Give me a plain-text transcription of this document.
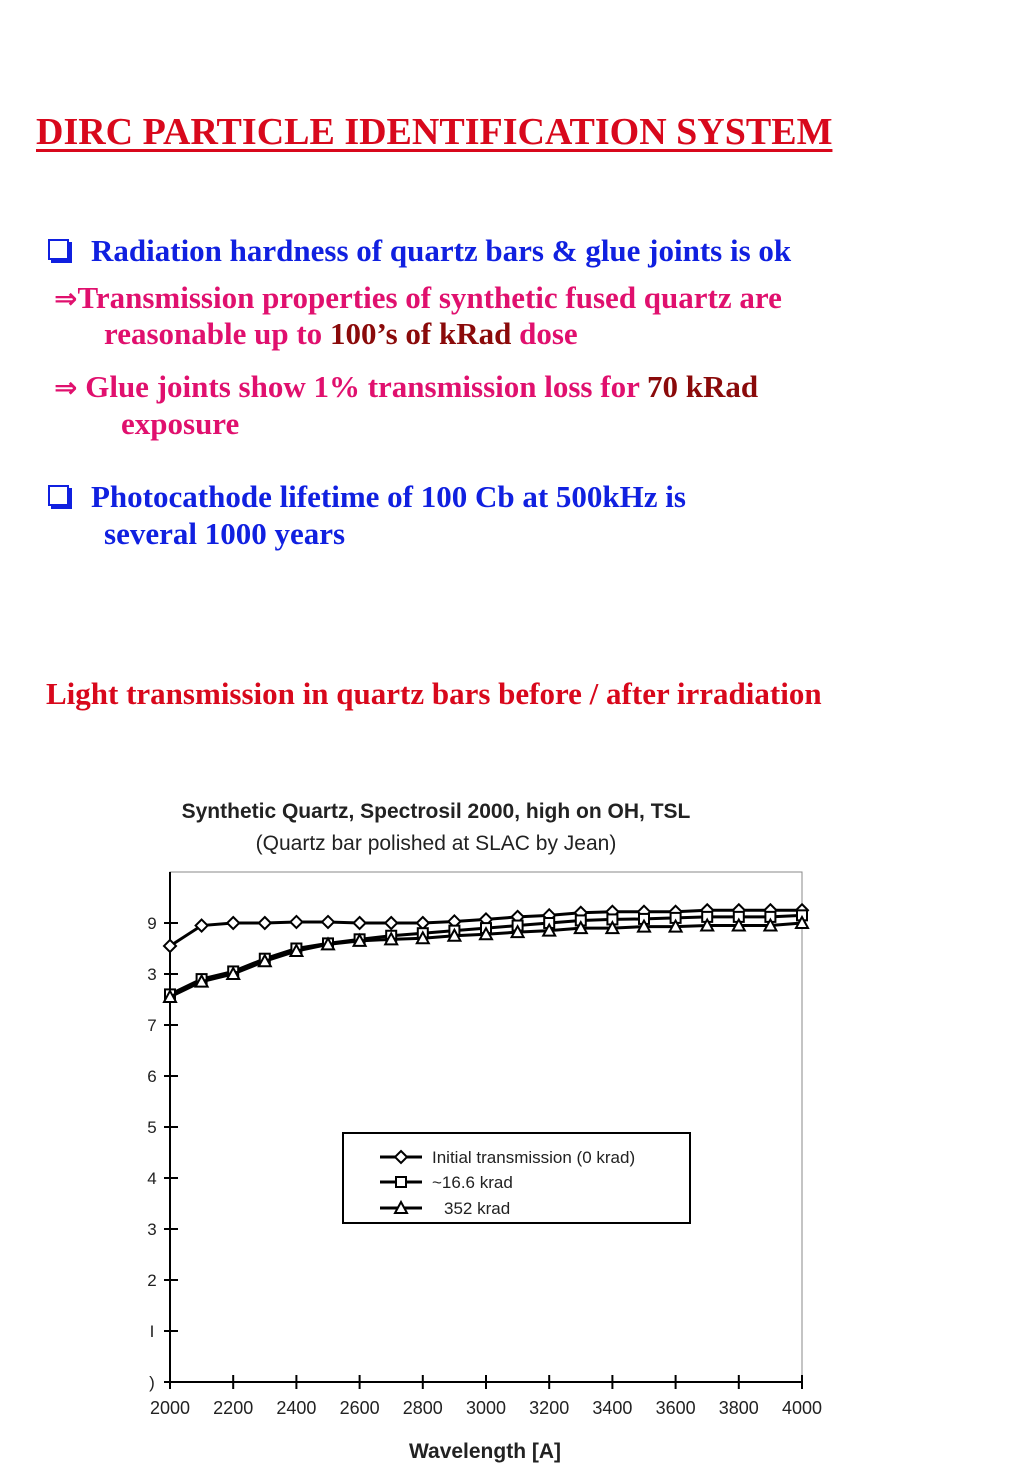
DIRC PARTICLE IDENTIFICATION SYSTEM
Radiation hardness of quartz bars & glue joints is ok
⇒Transmission properties of synthetic fused quartz are
reasonable up to 100’s of kRad dose
⇒ Glue joints show 1% transmission loss for 70 kRad
exposure
Photocathode lifetime of 100 Cb at 500kHz is
several 1000 years
Light transmission in quartz bars before / after irradiation
Synthetic Quartz, Spectrosil 2000, high on OH, TSL
(Quartz bar polished at SLAC by Jean)
2000 2200 2400 2600 2800 3000 3200 3400 3600 3800 4000
)
I
2
3
4
5
6
7
3
9
Wavelength [A]
Initial transmission (0 krad)
~16.6 krad
352 krad
